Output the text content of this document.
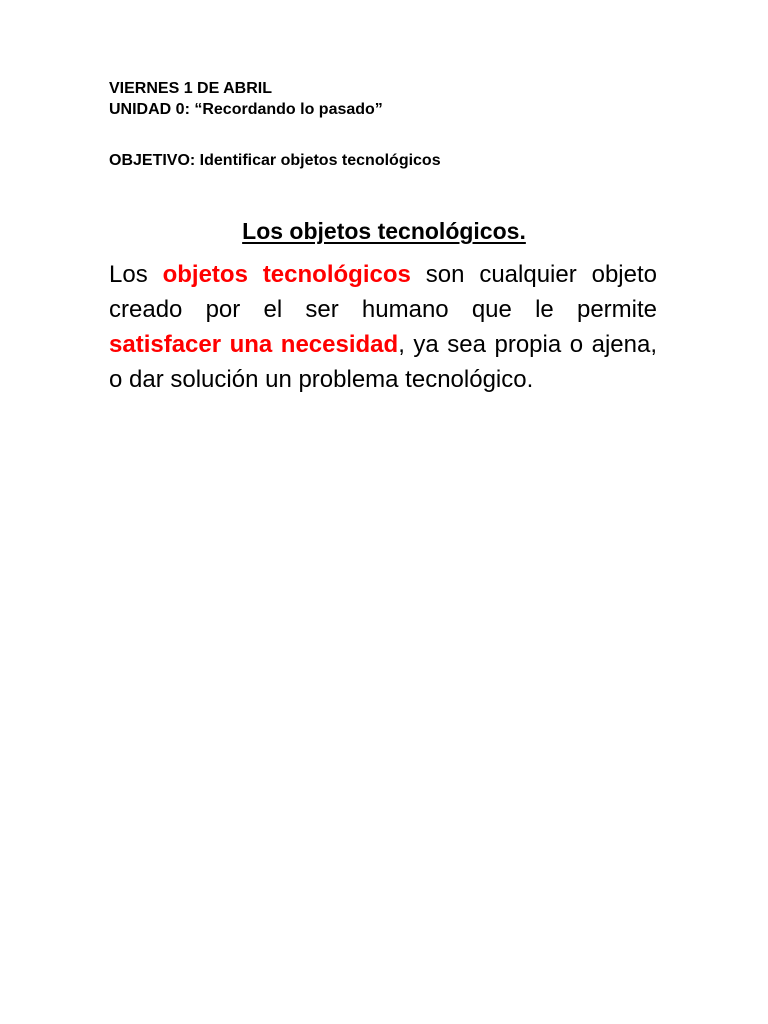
VIERNES 1 DE ABRIL

UNIDAD 0: “Recordando lo pasado”

OBJETIVO: Identificar objetos tecnológicos

Los objetos tecnológicos.

Los objetos tecnológicos son cualquier objeto creado por el ser humano que le permite satisfacer una necesidad, ya sea propia o ajena, o dar solución un problema tecnológico.
